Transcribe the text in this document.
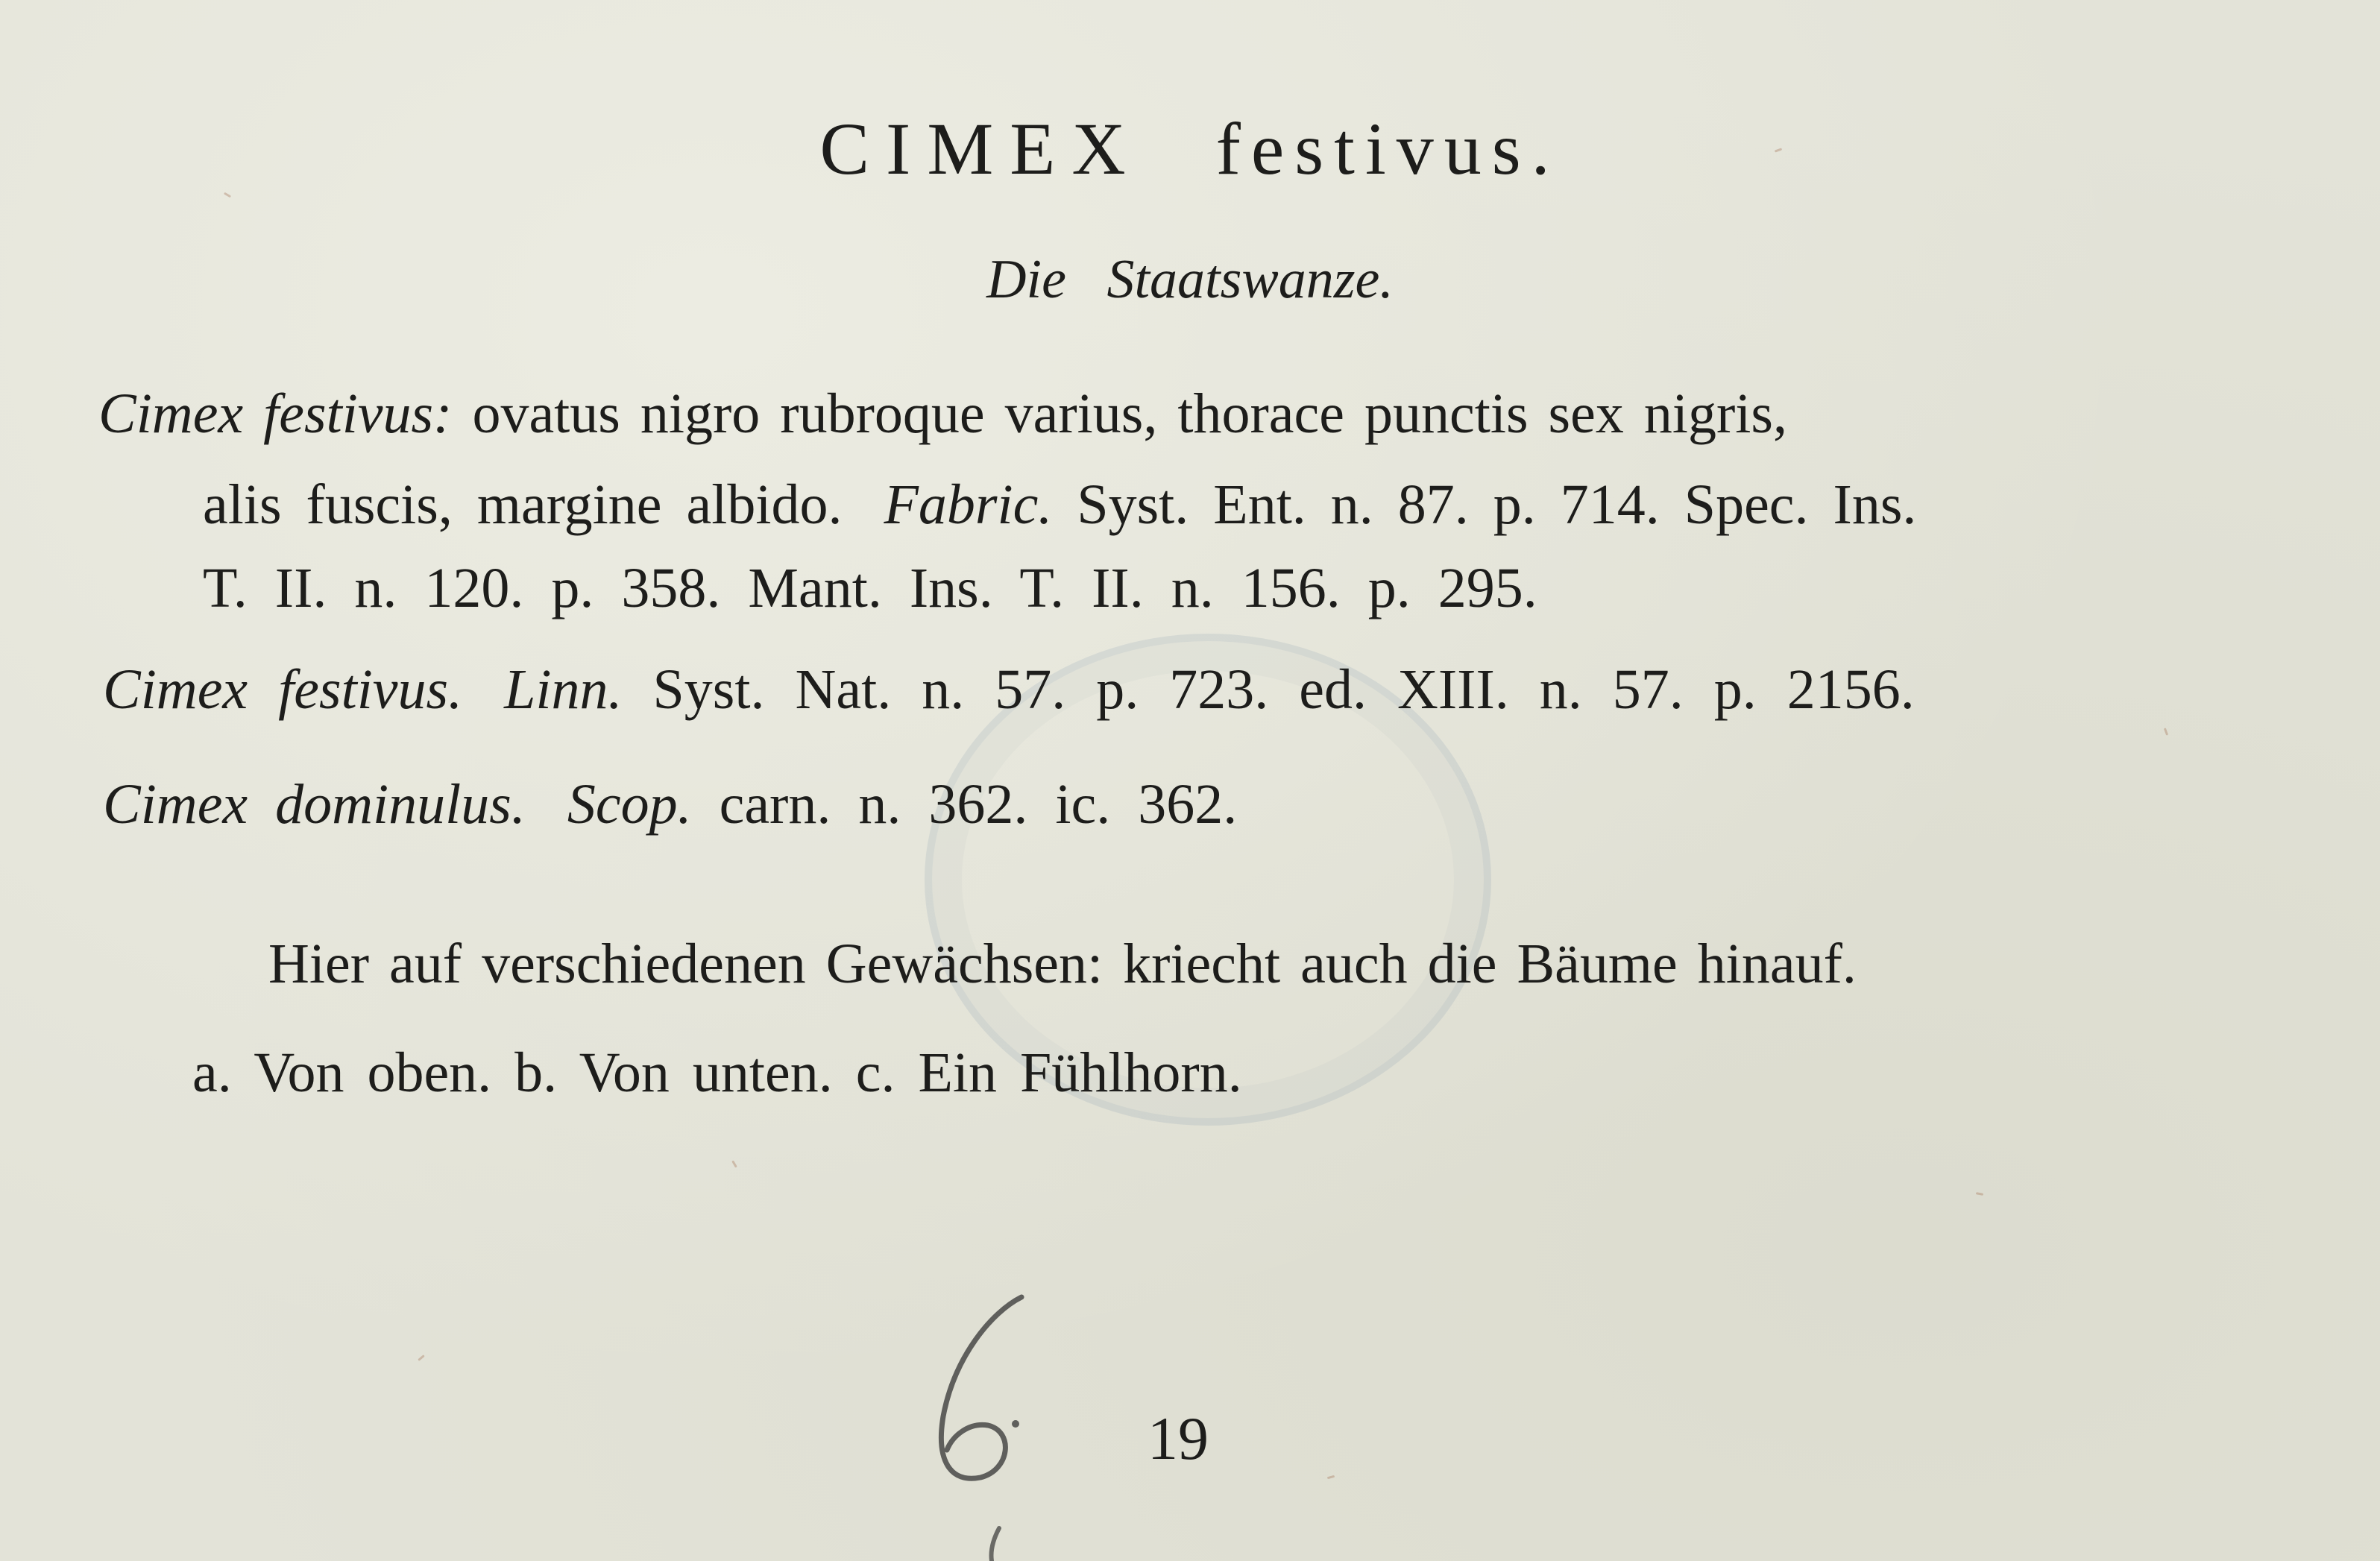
CIMEX festivus.
Die Staatswanze.
Cimex festivus: ovatus nigro rubroque varius, thorace punctis sex nigris,
alis fuscis, margine albido. Fabric. Syst. Ent. n. 87. p. 714. Spec. Ins.
T. II. n. 120. p. 358. Mant. Ins. T. II. n. 156. p. 295.
Cimex festivus. Linn. Syst. Nat. n. 57. p. 723. ed. XIII. n. 57. p. 2156.
Cimex dominulus. Scop. carn. n. 362. ic. 362.
Hier auf verschiedenen Gewächsen: kriecht auch die Bäume hinauf.
a. Von oben. b. Von unten. c. Ein Fühlhorn.
19
